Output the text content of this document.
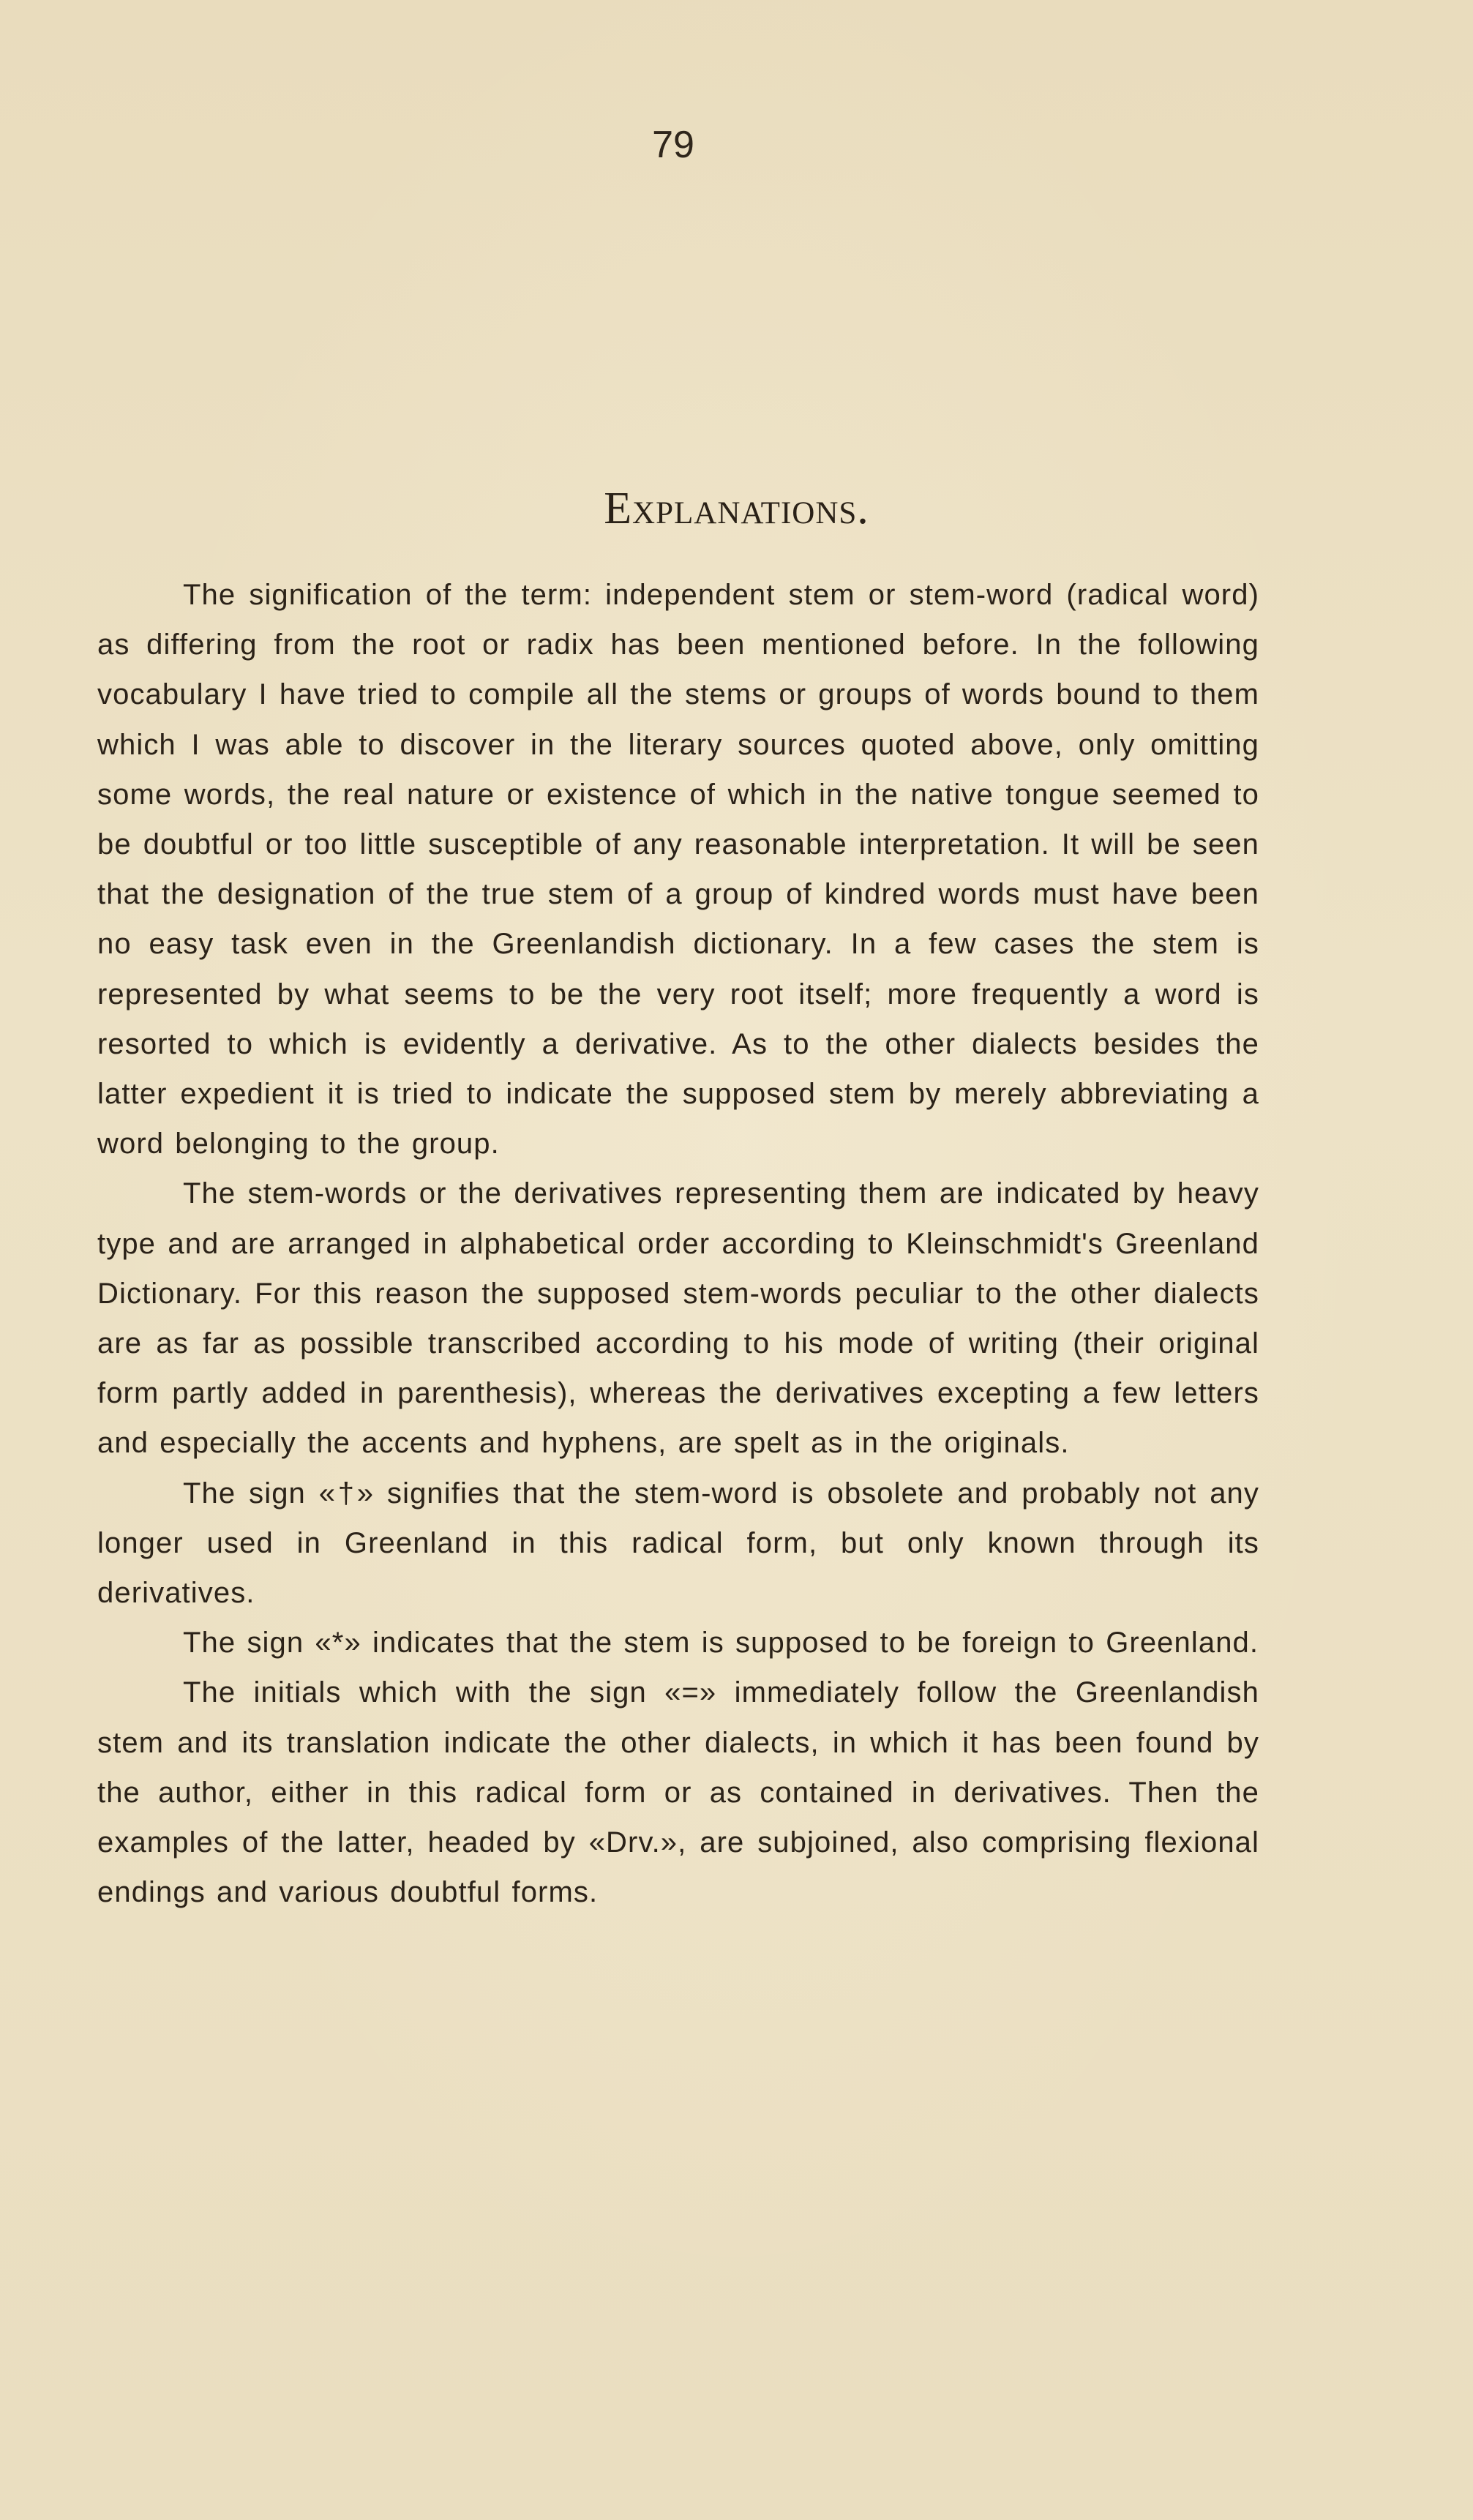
79
Explanations.

The signification of the term: independent stem or stem-word (radical word) as differing from the root or radix has been mentioned before. In the following vocabulary I have tried to compile all the stems or groups of words bound to them which I was able to discover in the literary sources quoted above, only omitting some words, the real nature or existence of which in the native tongue seemed to be doubtful or too little susceptible of any reasonable interpretation. It will be seen that the designation of the true stem of a group of kindred words must have been no easy task even in the Greenlandish dictionary. In a few cases the stem is represented by what seems to be the very root itself; more frequently a word is resorted to which is evidently a derivative. As to the other dialects besides the latter expedient it is tried to indicate the supposed stem by merely abbreviating a word belonging to the group.

The stem-words or the derivatives representing them are indicated by heavy type and are arranged in alphabetical order according to Kleinschmidt's Greenland Dictionary. For this reason the supposed stem-words peculiar to the other dialects are as far as possible transcribed according to his mode of writing (their original form partly added in parenthesis), whereas the derivatives excepting a few letters and especially the accents and hyphens, are spelt as in the originals.

The sign «†» signifies that the stem-word is obsolete and probably not any longer used in Greenland in this radical form, but only known through its derivatives.

The sign «*» indicates that the stem is supposed to be foreign to Greenland.

The initials which with the sign «=» immediately follow the Greenlandish stem and its translation indicate the other dialects, in which it has been found by the author, either in this radical form or as contained in derivatives. Then the examples of the latter, headed by «Drv.», are subjoined, also comprising flexional endings and various doubtful forms.
